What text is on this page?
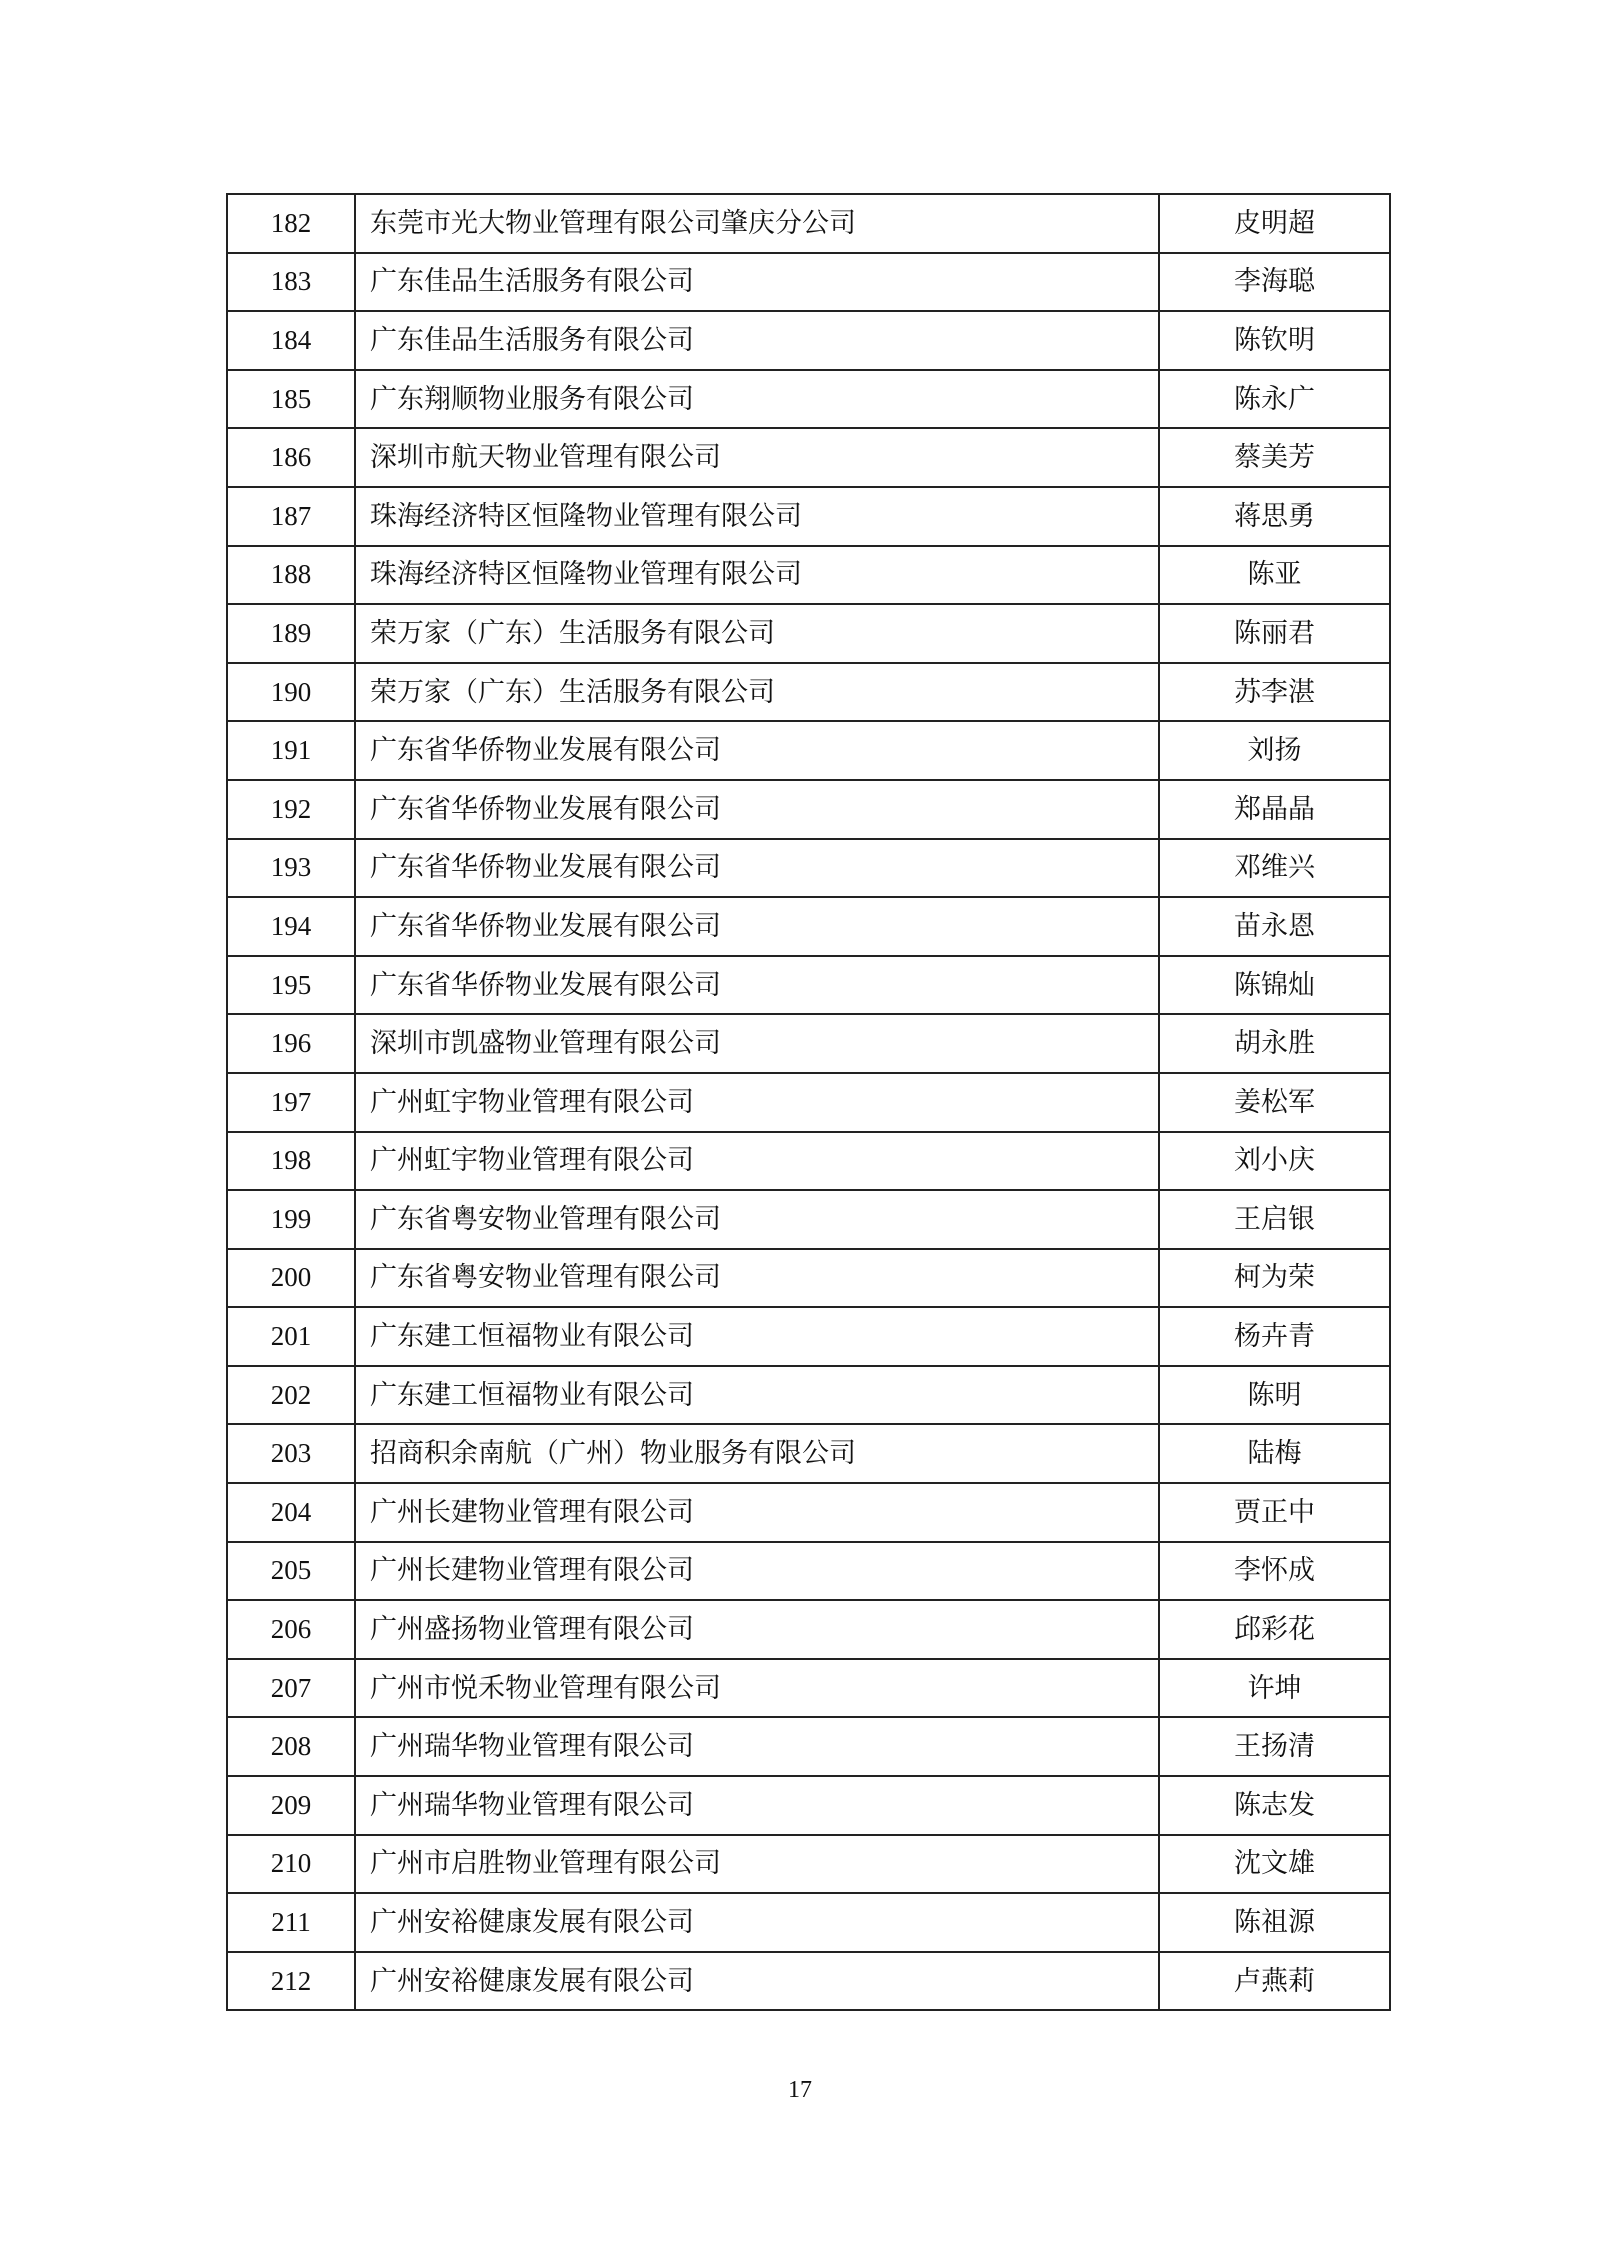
182	东莞市光大物业管理有限公司肇庆分公司	皮明超
183	广东佳品生活服务有限公司	李海聪
184	广东佳品生活服务有限公司	陈钦明
185	广东翔顺物业服务有限公司	陈永广
186	深圳市航天物业管理有限公司	蔡美芳
187	珠海经济特区恒隆物业管理有限公司	蒋思勇
188	珠海经济特区恒隆物业管理有限公司	陈亚
189	荣万家（广东）生活服务有限公司	陈丽君
190	荣万家（广东）生活服务有限公司	苏李湛
191	广东省华侨物业发展有限公司	刘扬
192	广东省华侨物业发展有限公司	郑晶晶
193	广东省华侨物业发展有限公司	邓维兴
194	广东省华侨物业发展有限公司	苗永恩
195	广东省华侨物业发展有限公司	陈锦灿
196	深圳市凯盛物业管理有限公司	胡永胜
197	广州虹宇物业管理有限公司	姜松军
198	广州虹宇物业管理有限公司	刘小庆
199	广东省粤安物业管理有限公司	王启银
200	广东省粤安物业管理有限公司	柯为荣
201	广东建工恒福物业有限公司	杨卉青
202	广东建工恒福物业有限公司	陈明
203	招商积余南航（广州）物业服务有限公司	陆梅
204	广州长建物业管理有限公司	贾正中
205	广州长建物业管理有限公司	李怀成
206	广州盛扬物业管理有限公司	邱彩花
207	广州市悦禾物业管理有限公司	许坤
208	广州瑞华物业管理有限公司	王扬清
209	广州瑞华物业管理有限公司	陈志发
210	广州市启胜物业管理有限公司	沈文雄
211	广州安裕健康发展有限公司	陈祖源
212	广州安裕健康发展有限公司	卢燕莉
17
